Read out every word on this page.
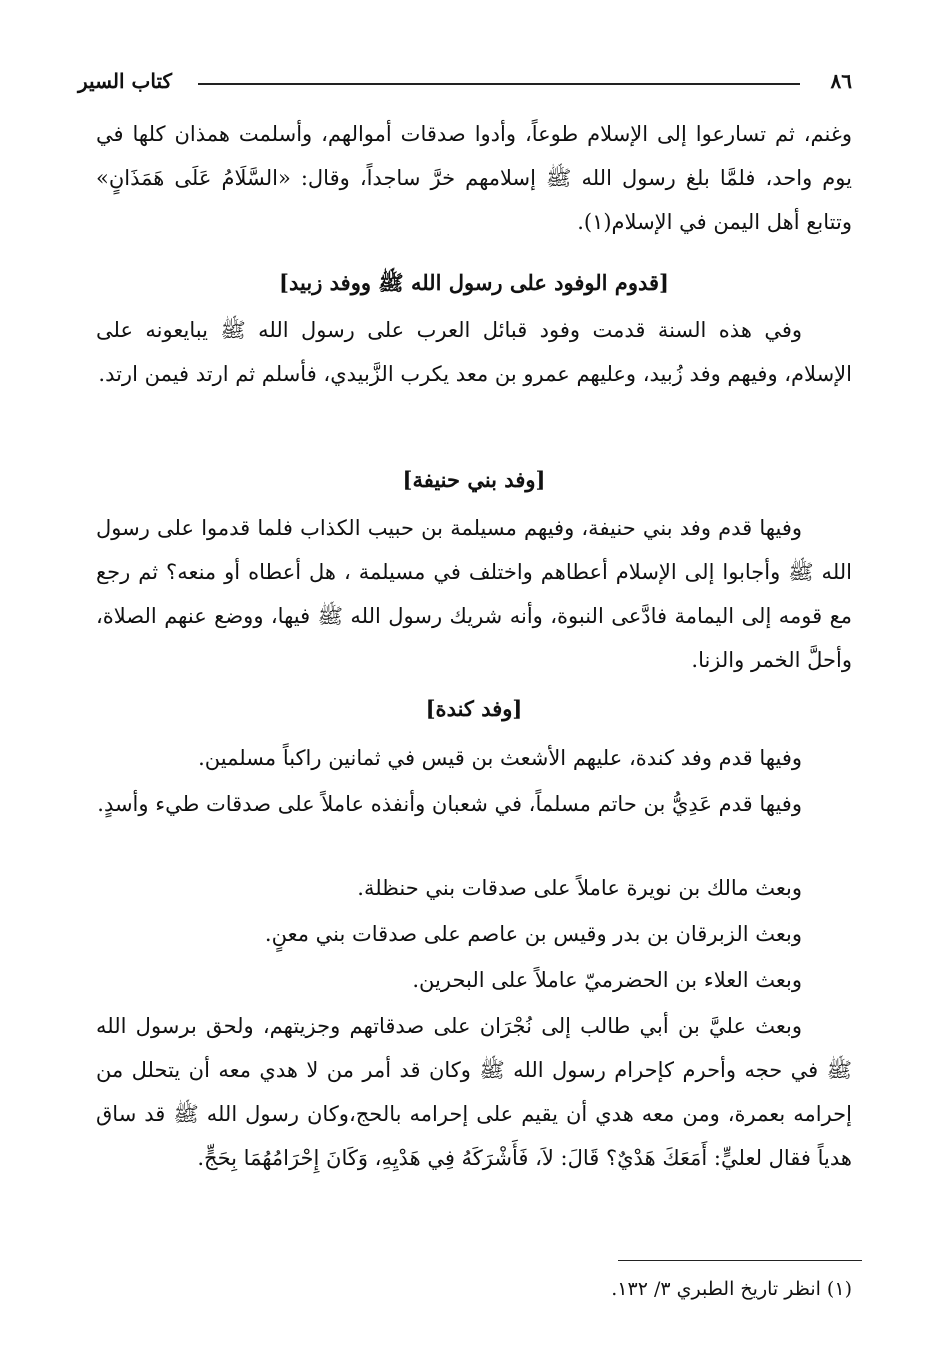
٨٦
كتاب السير

وغنم، ثم تسارعوا إلى الإسلام طوعاً، وأدوا صدقات أموالهم، وأسلمت همذان كلها في يوم واحد، فلمَّا بلغ رسول الله ﷺ إسلامهم خرَّ ساجداً، وقال: «السَّلَامُ عَلَى هَمَذَانٍ» وتتابع أهل اليمن في الإسلام(١).

[قدوم الوفود على رسول الله ﷺ ووفد زبيد]

وفي هذه السنة قدمت وفود قبائل العرب على رسول الله ﷺ يبايعونه على الإسلام، وفيهم وفد زُبيد، وعليهم عمرو بن معد يكرب الزَّبيدي، فأسلم ثم ارتد فيمن ارتد.

[وفد بني حنيفة]

وفيها قدم وفد بني حنيفة، وفيهم مسيلمة بن حبيب الكذاب فلما قدموا على رسول الله ﷺ وأجابوا إلى الإسلام أعطاهم واختلف في مسيلمة ، هل أعطاه أو منعه؟ ثم رجع مع قومه إلى اليمامة فادَّعى النبوة، وأنه شريك رسول الله ﷺ فيها، ووضع عنهم الصلاة، وأحلَّ الخمر والزنا.

[وفد كندة]

وفيها قدم وفد كندة، عليهم الأشعث بن قيس في ثمانين راكباً مسلمين.

وفيها قدم عَدِيُّ بن حاتم مسلماً، في شعبان وأنفذه عاملاً على صدقات طيء وأسدٍ.

وبعث مالك بن نويرة عاملاً على صدقات بني حنظلة.

وبعث الزبرقان بن بدر وقيس بن عاصم على صدقات بني معنٍ.

وبعث العلاء بن الحضرميّ عاملاً على البحرين.

وبعث عليَّ بن أبي طالب إلى نُجْرَان على صدقاتهم وجزيتهم، ولحق برسول الله ﷺ في حجه وأحرم كإحرام رسول الله ﷺ وكان قد أمر من لا هدي معه أن يتحلل من إحرامه بعمرة، ومن معه هدي أن يقيم على إحرامه بالحج،وكان رسول الله ﷺ قد ساق هدياً فقال لعليٍّ: أَمَعَكَ هَدْيٌ؟ قَالَ: لاَ، فَأَشْرَكَهُ فِي هَدْيِهِ، وَكَانَ إِحْرَامُهُمَا بِحَجٍّ.

(١) انظر تاريخ الطبري ٣/ ١٣٢.
